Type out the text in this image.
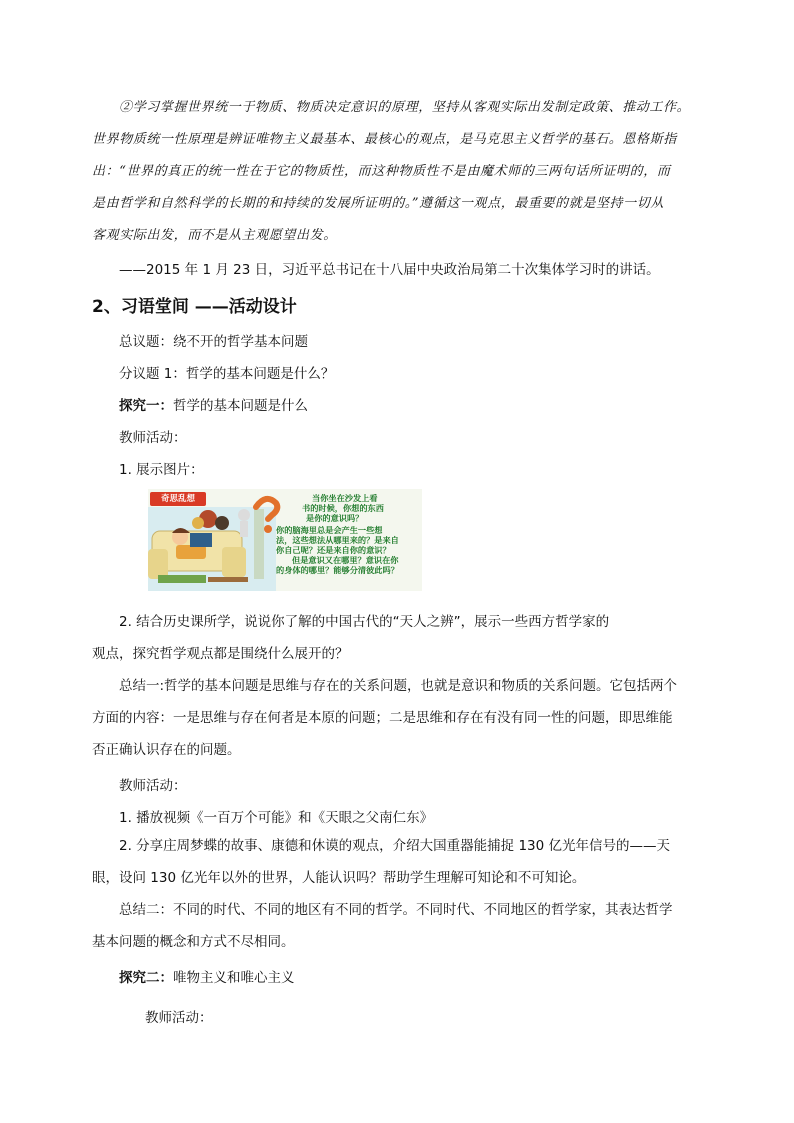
②学习掌握世界统一于物质、物质决定意识的原理，坚持从客观实际出发制定政策、推动工作。
世界物质统一性原理是辨证唯物主义最基本、最核心的观点，是马克思主义哲学的基石。恩格斯指
出：“世界的真正的统一性在于它的物质性，而这种物质性不是由魔术师的三两句话所证明的，而
是由哲学和自然科学的长期的和持续的发展所证明的。”遵循这一观点，最重要的就是坚持一切从
客观实际出发，而不是从主观愿望出发。
——2015 年 1 月 23 日，习近平总书记在十八届中央政治局第二十次集体学习时的讲话。
2、习语堂间 ——活动设计
总议题：绕不开的哲学基本问题
分议题 1：哲学的基本问题是什么？
探究一：哲学的基本问题是什么
教师活动：
1. 展示图片：
奇思乱想	当你坐在沙发上看
书的时候，你想的东西
是你的意识吗？
你的脑海里总是会产生一些想
法，这些想法从哪里来的？是来自
你自己呢？还是来自你的意识？
但是意识又在哪里？意识在你
的身体的哪里？能够分清彼此吗？
2. 结合历史课所学，说说你了解的中国古代的“天人之辨”，展示一些西方哲学家的
观点，探究哲学观点都是围绕什么展开的？
总结一:哲学的基本问题是思维与存在的关系问题，也就是意识和物质的关系问题。它包括两个
方面的内容：一是思维与存在何者是本原的问题；二是思维和存在有没有同一性的问题，即思维能
否正确认识存在的问题。
教师活动：
1. 播放视频《一百万个可能》和《天眼之父南仁东》
2. 分享庄周梦蝶的故事、康德和休谟的观点，介绍大国重器能捕捉 130 亿光年信号的——天
眼，设问 130 亿光年以外的世界，人能认识吗？帮助学生理解可知论和不可知论。
总结二：不同的时代、不同的地区有不同的哲学。不同时代、不同地区的哲学家，其表达哲学
基本问题的概念和方式不尽相同。
探究二：唯物主义和唯心主义
教师活动：
